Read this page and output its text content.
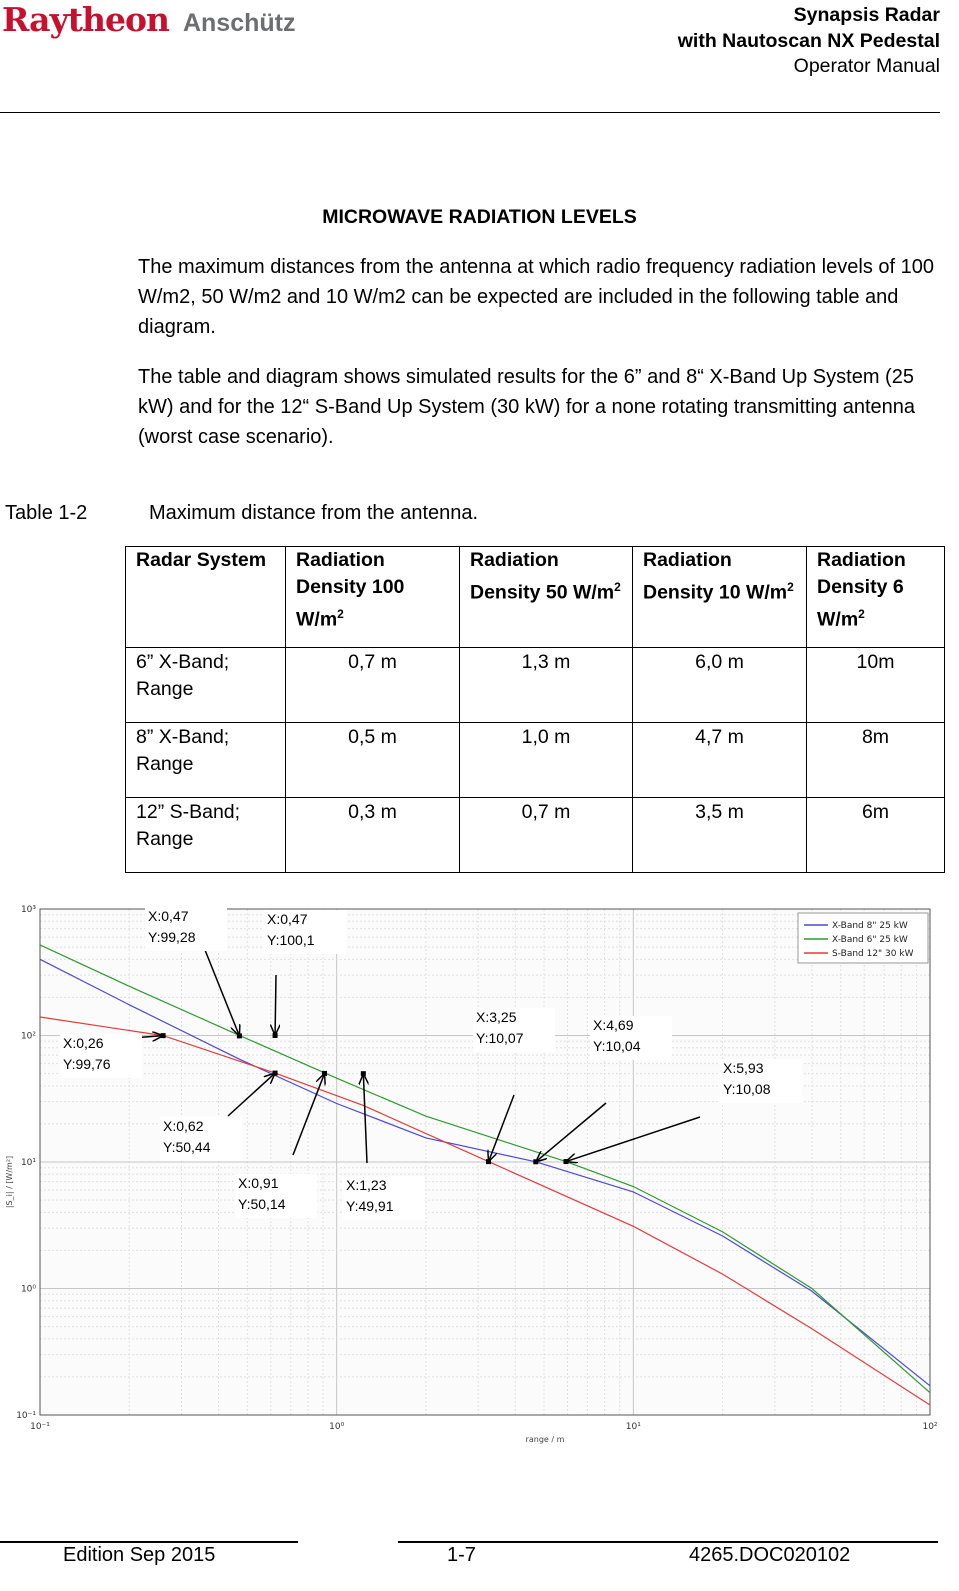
Raytheon Anschütz	Synapsis Radar
with Nautoscan NX Pedestal
Operator Manual
MICROWAVE RADIATION LEVELS
The maximum distances from the antenna at which radio frequency radiation levels of 100 W/m2, 50 W/m2 and 10 W/m2 can be expected are included in the following table and diagram.
The table and diagram shows simulated results for the 6” and 8“ X-Band Up System (25 kW) and for the 12“ S-Band Up System (30 kW) for a none rotating transmitting antenna (worst case scenario).
Table 1-2	Maximum distance from the antenna.
Radar System	Radiation Density 100 $W/m^2$	Radiation Density 50 $W/m^2$	Radiation Density 10 $W/m^2$	Radiation Density 6 $W/m^2$
6” X-Band; Range	0,7 m	1,3 m	6,0 m	10m
8” X-Band; Range	0,5 m	1,0 m	4,7 m	8m
12” S-Band; Range	0,3 m	0,7 m	3,5 m	6m
10⁻¹	10⁰	10¹	10²
10³
10²
10¹
10⁰
10⁻¹
range / m
|S_i| / [W/m²]
X-Band 8" 25 kW
X-Band 6" 25 kW
S-Band 12" 30 kW
X:0,47
Y:99,28
X:0,47
Y:100,1
X:0,26
Y:99,76
X:0,62
Y:50,44
X:0,91
Y:50,14
X:1,23
Y:49,91
X:3,25
Y:10,07
X:4,69
Y:10,04
X:5,93
Y:10,08
Edition Sep 2015	1-7	4265.DOC020102
